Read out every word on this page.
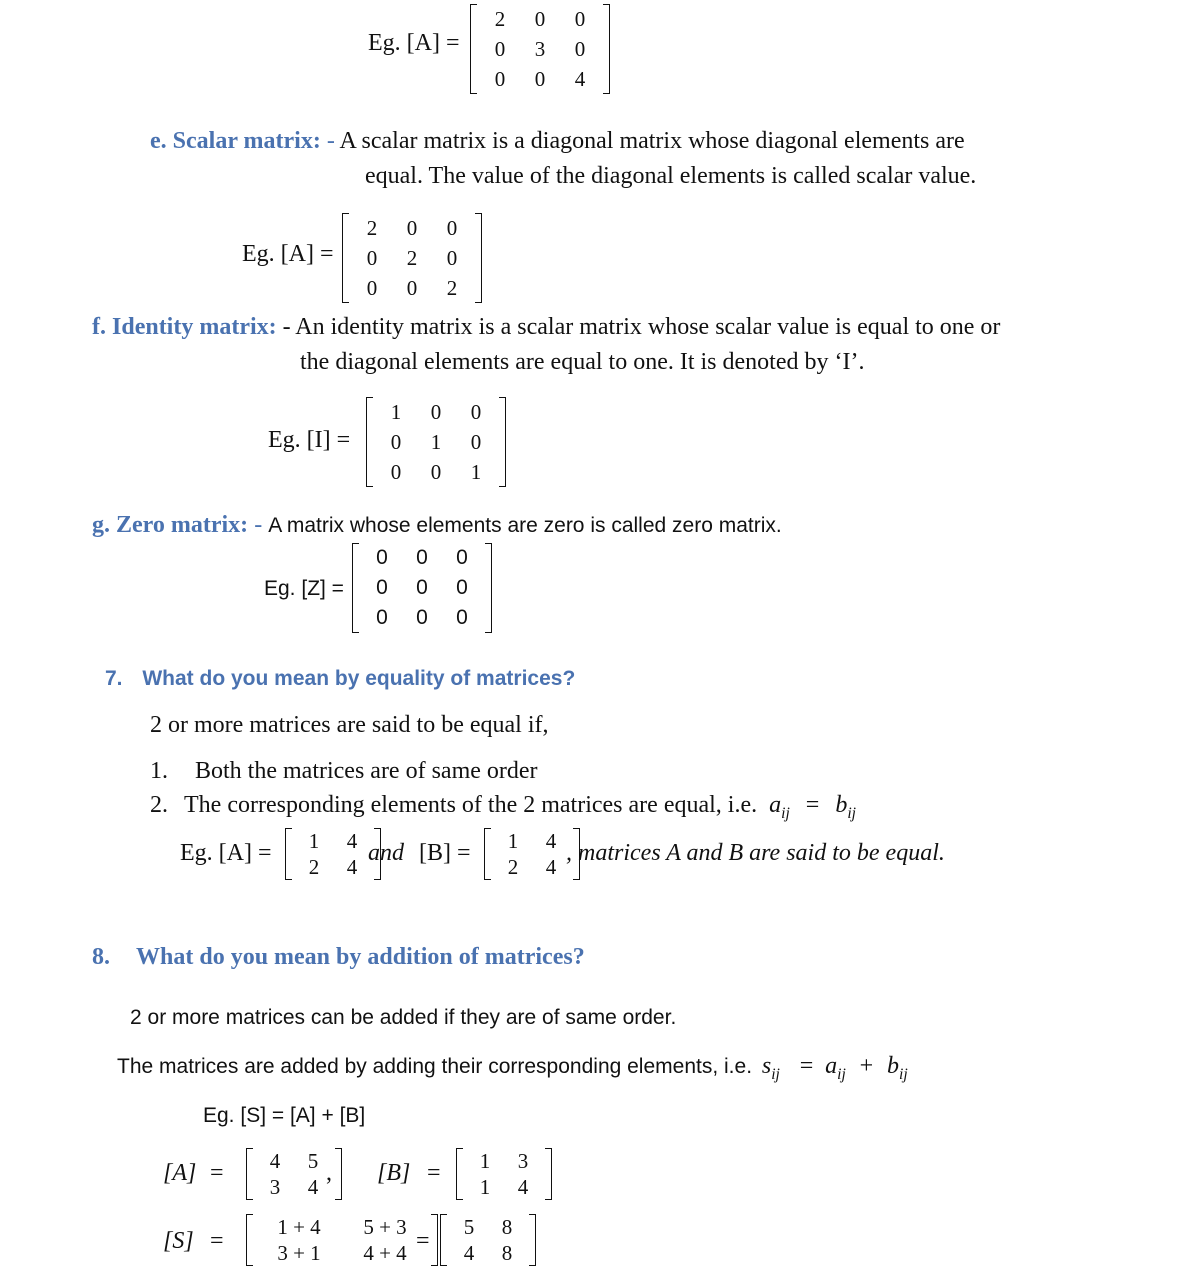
Eg. [A] =
2	0	0
0	3	0
0	0	4
e. Scalar matrix: - A scalar matrix is a diagonal matrix whose diagonal elements are
equal. The value of the diagonal elements is called scalar value.
Eg. [A] =
2	0	0
0	2	0
0	0	2
f. Identity matrix: - An identity matrix is a scalar matrix whose scalar value is equal to one or
the diagonal elements are equal to one. It is denoted by ‘I’.
Eg. [I] =
1	0	0
0	1	0
0	0	1
g. Zero matrix: - A matrix whose elements are zero is called zero matrix.
Eg. [Z] =
0	0	0
0	0	0
0	0	0
7. What do you mean by equality of matrices?
2 or more matrices are said to be equal if,
1. Both the matrices are of same order
2. The corresponding elements of the 2 matrices are equal, i.e. $a_{ij} = b_{ij}$
Eg. [A] =	1	4
2	4
and [B] =	1	4
2	4
, matrices A and B are said to be equal.
8. What do you mean by addition of matrices?
2 or more matrices can be added if they are of same order.
The matrices are added by adding their corresponding elements, i.e. $s_{ij} = a_{ij} + b_{ij}$
Eg. [S] = [A] + [B]
[A] =	4	5
3	4
, [B] =	1	3
1	4
[S] =
1 + 4	5 + 3
3 + 1	4 + 4 =
5	8
4	8
